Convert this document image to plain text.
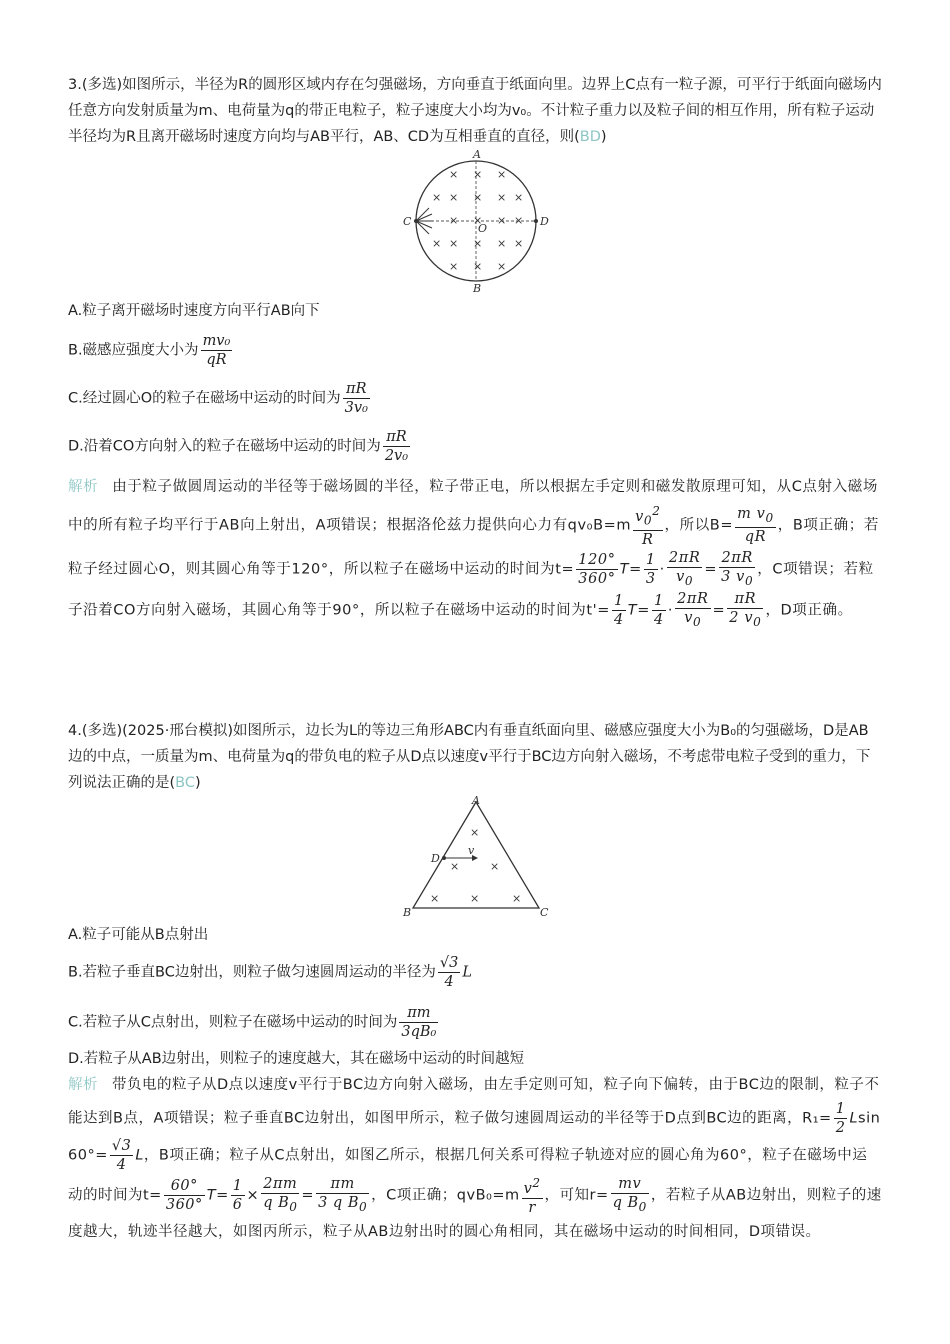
3.(多选)如图所示，半径为R的圆形区域内存在匀强磁场，方向垂直于纸面向里。边界上C点有一粒子源，可平行于纸面向磁场内任意方向发射质量为m、电荷量为q的带正电粒子，粒子速度大小均为v₀。不计粒子重力以及粒子间的相互作用，所有粒子运动半径均为R且离开磁场时速度方向均与AB平行，AB、CD为互相垂直的直径，则(BD)
× × ×
× × × × ×
× × × ×
× × × × ×
× × ×
A
B
C	D
O
A.粒子离开磁场时速度方向平行AB向下
B.磁感应强度大小为 $\frac{\text{mv₀}}{qR}$
C.经过圆心O的粒子在磁场中运动的时间为 $\frac{\pi R}{\text{3v₀}}$
D.沿着CO方向射入的粒子在磁场中运动的时间为 $\frac{\pi R}{\text{2v₀}}$
解析 由于粒子做圆周运动的半径等于磁场圆的半径，粒子带正电，所以根据左手定则和磁发散原理可知，从C点射入磁场中的所有粒子均平行于AB向上射出，A项错误；根据洛伦兹力提供向心力有$qv_0B=m \frac{v_0^2}{R}$ ，所以$B= \frac{m v_0}{qR}$ ，B项正确；若粒子经过圆心O，则其圆心角等于120°，所以粒子在磁场中运动的时间为$t= \frac{120^\circ}{360^\circ} T= \frac{1}{3} \cdot \frac{2\pi R}{v_0} = \frac{2\pi R}{3 v_0}$ ，C项错误；若粒子沿着CO方向射入磁场，其圆心角等于90°，所以粒子在磁场中运动的时间为$t'= \frac{1}{4} T= \frac{1}{4} \cdot \frac{2\pi R}{v_0} = \frac{\pi R}{2 v_0}$ ，D项正确。
4.(多选)(2025·邢台模拟)如图所示，边长为L的等边三角形ABC内有垂直纸面向里、磁感应强度大小为B₀的匀强磁场，D是AB边的中点，一质量为m、电荷量为q的带负电的粒子从D点以速度v平行于BC边方向射入磁场，不考虑带电粒子受到的重力，下列说法正确的是(BC)
×
×	×
×	×	×
A
B	C
D
v
A.粒子可能从B点射出
B.若粒子垂直BC边射出，则粒子做匀速圆周运动的半径为 $\frac{√3}{4}$ L
C.若粒子从C点射出，则粒子在磁场中运动的时间为 $\frac{\pi m}{\text{3qB₀}}$
D.若粒子从AB边射出，则粒子的速度越大，其在磁场中运动的时间越短
解析 带负电的粒子从D点以速度v平行于BC边方向射入磁场，由左手定则可知，粒子向下偏转，由于BC边的限制，粒子不能达到B点，A项错误；粒子垂直BC边射出，如图甲所示，粒子做匀速圆周运动的半径等于D点到BC边的距离，$R_1= \frac{1}{2}$ Lsin $60^\circ= \frac{√3}{4}$ L，B项正确；粒子从C点射出，如图乙所示，根据几何关系可得粒子轨迹对应的圆心角为60°，粒子在磁场中运动的时间为$t= \frac{60^\circ}{360^\circ} T= \frac{1}{6} \times \frac{2\pi m}{q B_0} = \frac{\pi m}{3 q B_0}$ ，C项正确；$qvB_0=m \frac{v^2}{r}$ ，可知$r= \frac{mv}{q B_0}$ ，若粒子从AB边射出，则粒子的速度越大，轨迹半径越大，如图丙所示，粒子从AB边射出时的圆心角相同，其在磁场中运动的时间相同，D项错误。
